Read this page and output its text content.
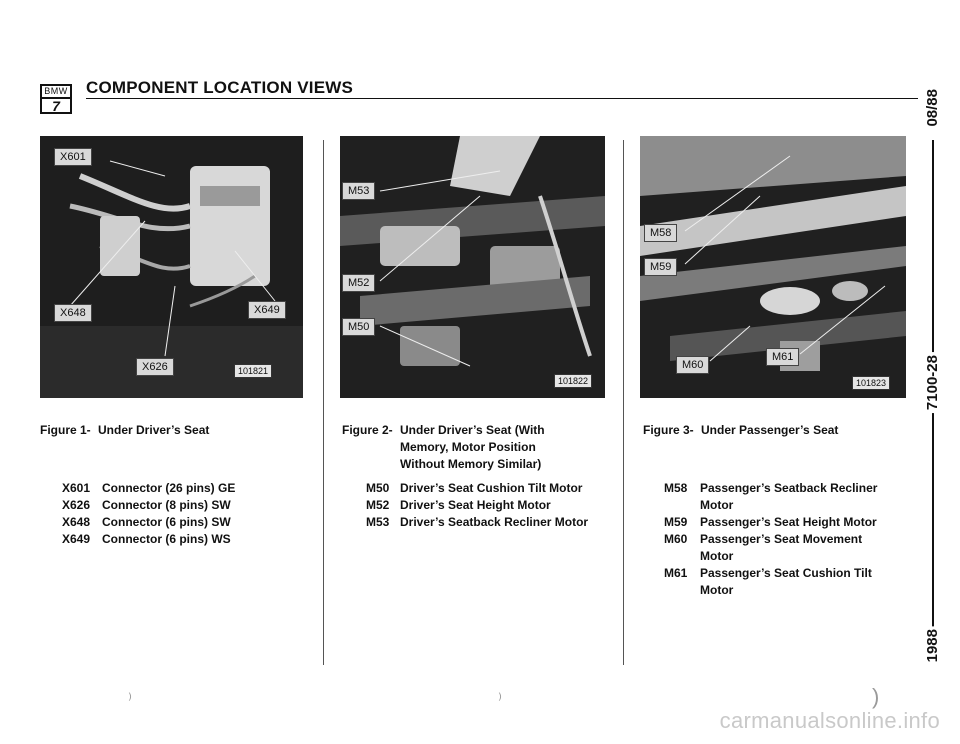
BMW
7
COMPONENT LOCATION VIEWS
X601
X648	X649
X626	101821
M53
M52
M50
101822
M58
M59
M60
M61
101823
Figure 1- Under Driver’s Seat
X601 Connector (26 pins) GE
X626 Connector (8 pins) SW
X648 Connector (6 pins) SW
X649 Connector (6 pins) WS
Figure 2- Under Driver’s Seat (With
Memory, Motor Position
Without Memory Similar)
M50 Driver’s Seat Cushion Tilt Motor
M52 Driver’s Seat Height Motor
M53 Driver’s Seatback Recliner Motor
Figure 3- Under Passenger’s Seat
M58	Passenger’s Seatback Recliner
Motor
M59	Passenger’s Seat Height Motor
M60	Passenger’s Seat Movement
Motor
M61	Passenger’s Seat Cushion Tilt
Motor
08/88
7100-28
1988
⁾	⁾	)
carmanualsonline.info
